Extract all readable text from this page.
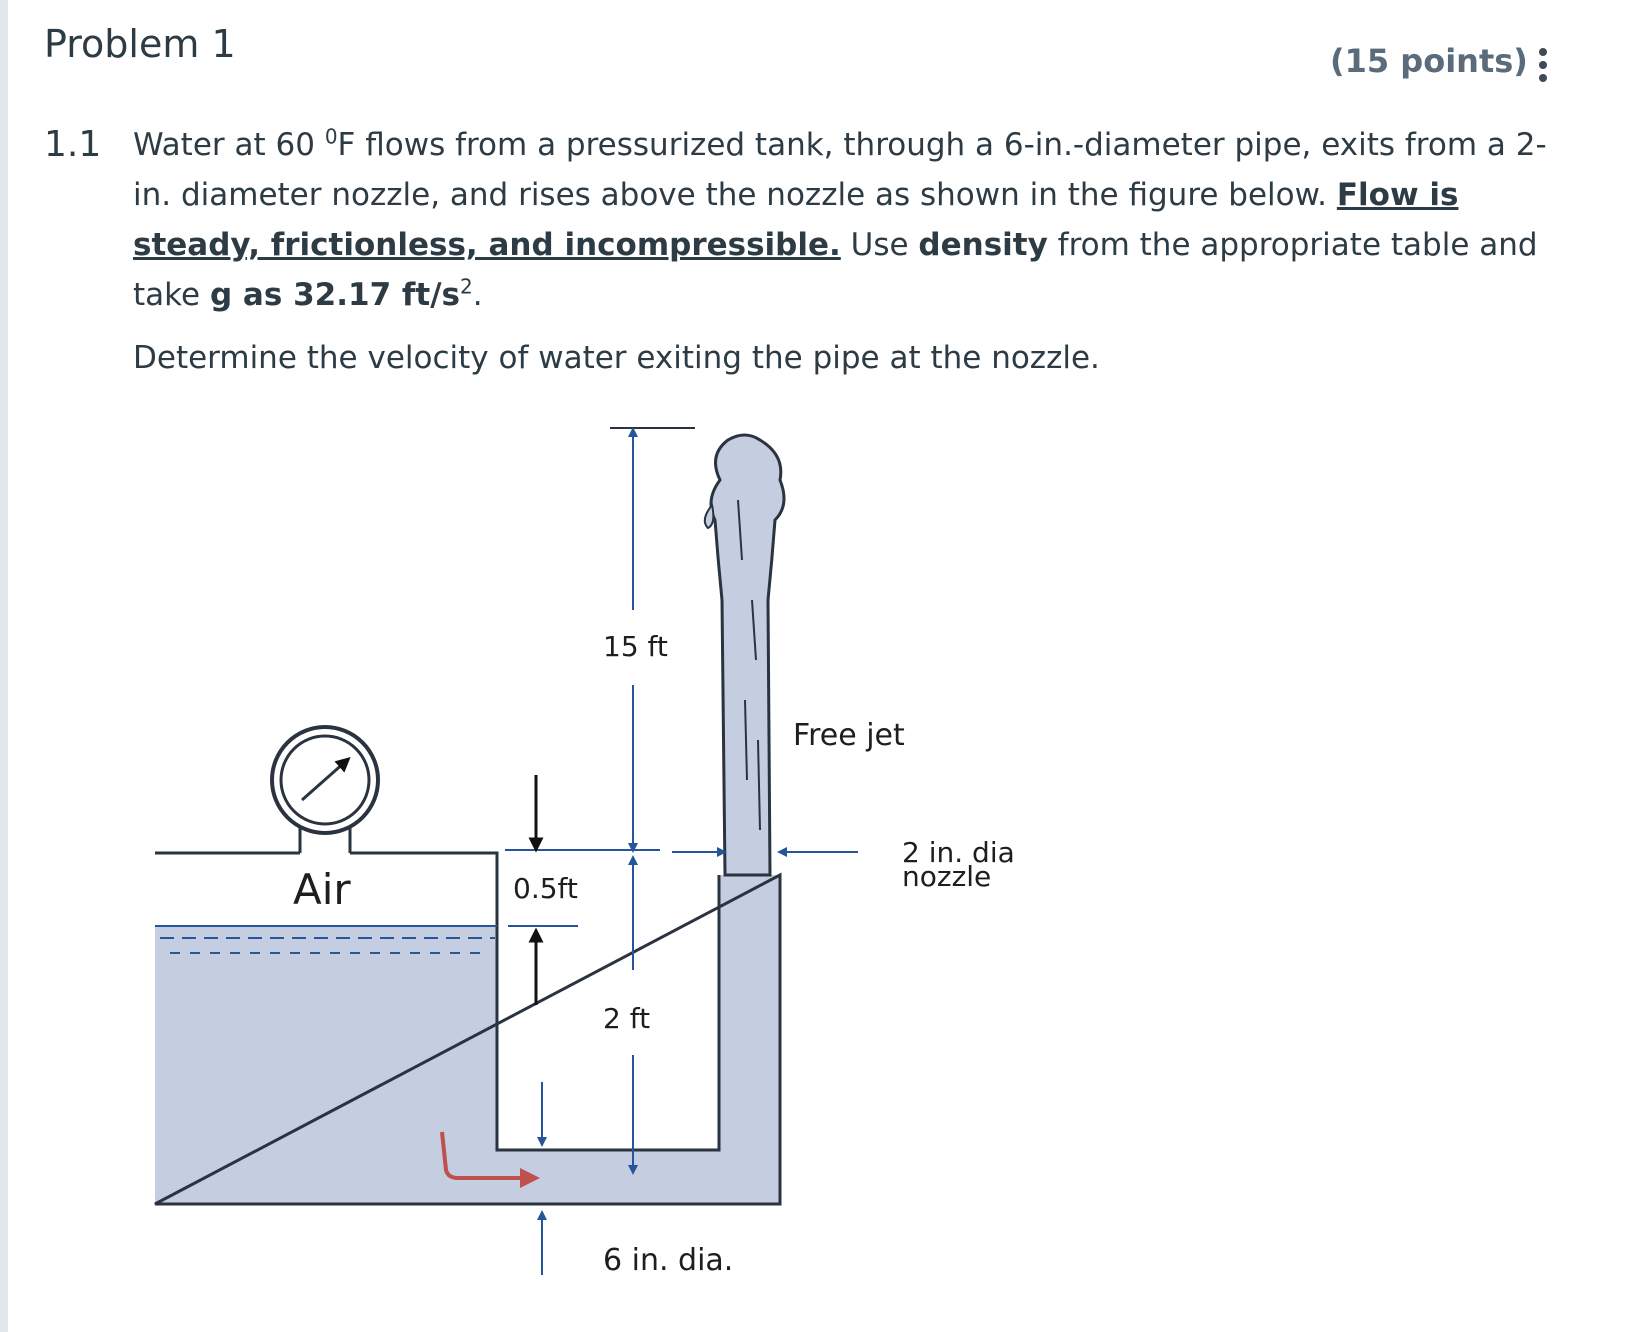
Problem 1	(15 points)
1.1 Water at 60 $^0$F flows from a pressurized tank, through a 6-in.-diameter pipe, exits from a 2-in. diameter nozzle, and rises above the nozzle as shown in the figure below. Flow is steady, frictionless, and incompressible. Use density from the appropriate table and take g as 32.17 $ft/s^2$.

Determine the velocity of water exiting the pipe at the nozzle.

15 ft
Free jet
2 in. dia
nozzle
0.5ft
2 ft
6 in. dia.
Air
